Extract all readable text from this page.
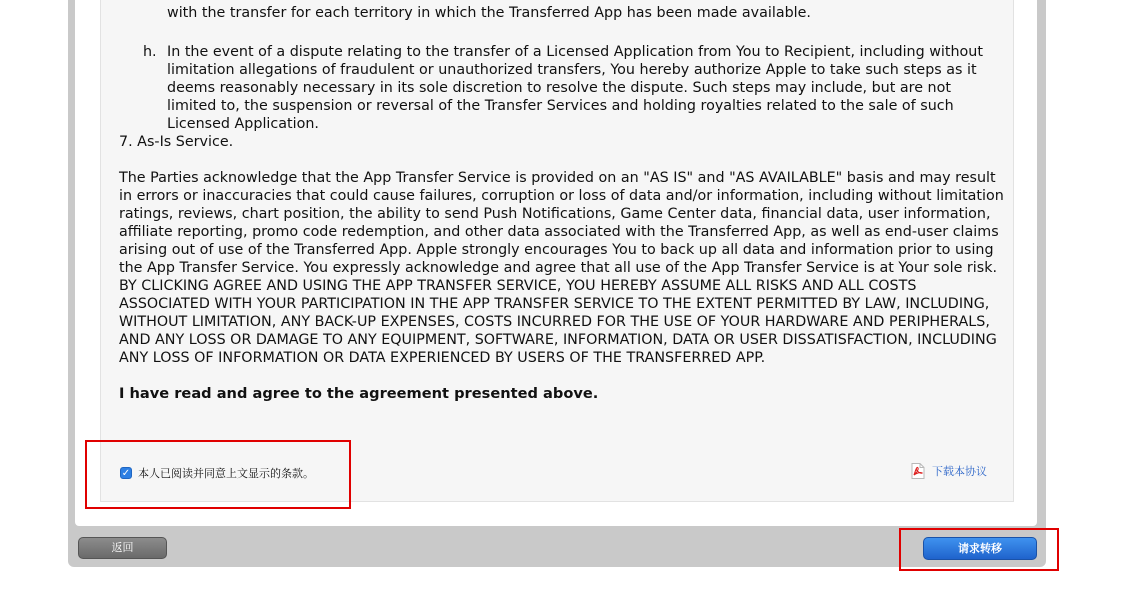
with the transfer for each territory in which the Transferred App has been made available.

h. In the event of a dispute relating to the transfer of a Licensed Application from You to Recipient, including without limitation allegations of fraudulent or unauthorized transfers, You hereby authorize Apple to take such steps as it deems reasonably necessary in its sole discretion to resolve the dispute. Such steps may include, but are not limited to, the suspension or reversal of the Transfer Services and holding royalties related to the sale of such Licensed Application.

7. As-Is Service.

The Parties acknowledge that the App Transfer Service is provided on an "AS IS" and "AS AVAILABLE" basis and may result in errors or inaccuracies that could cause failures, corruption or loss of data and/or information, including without limitation ratings, reviews, chart position, the ability to send Push Notifications, Game Center data, financial data, user information, affiliate reporting, promo code redemption, and other data associated with the Transferred App, as well as end-user claims arising out of use of the Transferred App. Apple strongly encourages You to back up all data and information prior to using the App Transfer Service. You expressly acknowledge and agree that all use of the App Transfer Service is at Your sole risk. BY CLICKING AGREE AND USING THE APP TRANSFER SERVICE, YOU HEREBY ASSUME ALL RISKS AND ALL COSTS ASSOCIATED WITH YOUR PARTICIPATION IN THE APP TRANSFER SERVICE TO THE EXTENT PERMITTED BY LAW, INCLUDING, WITHOUT LIMITATION, ANY BACK-UP EXPENSES, COSTS INCURRED FOR THE USE OF YOUR HARDWARE AND PERIPHERALS, AND ANY LOSS OR DAMAGE TO ANY EQUIPMENT, SOFTWARE, INFORMATION, DATA OR USER DISSATISFACTION, INCLUDING ANY LOSS OF INFORMATION OR DATA EXPERIENCED BY USERS OF THE TRANSFERRED APP.

I have read and agree to the agreement presented above.

✓ 本人已阅读并同意上文显示的条款。	下载本协议
返回	请求转移
